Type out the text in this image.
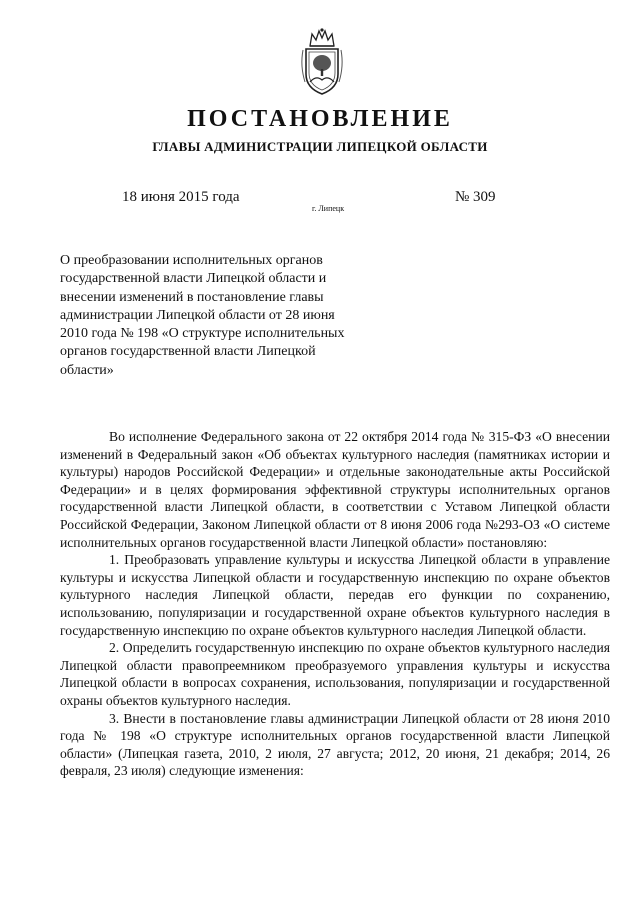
ПОСТАНОВЛЕНИЕ
ГЛАВЫ АДМИНИСТРАЦИИ ЛИПЕЦКОЙ ОБЛАСТИ
18 июня 2015 года
г. Липецк
№ 309

О преобразовании исполнительных органов государственной власти Липецкой области и внесении изменений в постановление главы администрации Липецкой области от 28 июня 2010 года № 198 «О структуре исполнительных органов государственной власти Липецкой области»

Во исполнение Федерального закона от 22 октября 2014 года № 315-ФЗ «О внесении изменений в Федеральный закон «Об объектах культурного наследия (памятниках истории и культуры) народов Российской Федерации» и отдельные законодательные акты Российской Федерации» и в целях формирования эффективной структуры исполнительных органов государственной власти Липецкой области, в соответствии с Уставом Липецкой области Российской Федерации, Законом Липецкой области от 8 июня 2006 года №293-ОЗ «О системе исполнительных органов государственной власти Липецкой области» постановляю:

1. Преобразовать управление культуры и искусства Липецкой области в управление культуры и искусства Липецкой области и государственную инспекцию по охране объектов культурного наследия Липецкой области, передав его функции по сохранению, использованию, популяризации и государственной охране объектов культурного наследия в государственную инспекцию по охране объектов культурного наследия Липецкой области.

2. Определить государственную инспекцию по охране объектов культурного наследия Липецкой области правопреемником преобразуемого управления культуры и искусства Липецкой области в вопросах сохранения, использования, популяризации и государственной охраны объектов культурного наследия.

3. Внести в постановление главы администрации Липецкой области от 28 июня 2010 года № 198 «О структуре исполнительных органов государственной власти Липецкой области» (Липецкая газета, 2010, 2 июля, 27 августа; 2012, 20 июня, 21 декабря; 2014, 26 февраля, 23 июля) следующие изменения:
